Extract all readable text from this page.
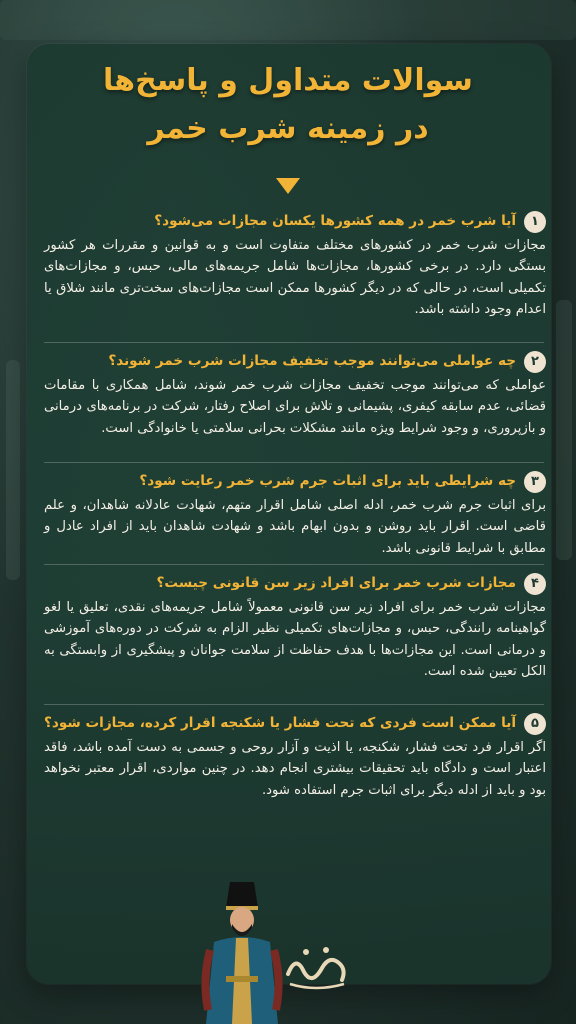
سوالات متداول و پاسخ‌ها
در زمینه شرب خمر
۱
آیا شرب خمر در همه کشورها یکسان مجازات می‌شود؟
مجازات شرب خمر در کشورهای مختلف متفاوت است و به قوانین و مقررات هر کشور بستگی دارد. در برخی کشورها، مجازات‌ها شامل جریمه‌های مالی، حبس، و مجازات‌های تکمیلی است، در حالی که در دیگر کشورها ممکن است مجازات‌های سخت‌تری مانند شلاق یا اعدام وجود داشته باشد.
۲
چه عواملی می‌توانند موجب تخفیف مجازات شرب خمر شوند؟
عواملی که می‌توانند موجب تخفیف مجازات شرب خمر شوند، شامل همکاری با مقامات قضائی، عدم سابقه کیفری، پشیمانی و تلاش برای اصلاح رفتار، شرکت در برنامه‌های درمانی و بازپروری، و وجود شرایط ویژه مانند مشکلات بحرانی سلامتی یا خانوادگی است.
۳
چه شرایطی باید برای اثبات جرم شرب خمر رعایت شود؟
برای اثبات جرم شرب خمر، ادله اصلی شامل اقرار متهم، شهادت عادلانه شاهدان، و علم قاضی است. اقرار باید روشن و بدون ابهام باشد و شهادت شاهدان باید از افراد عادل و مطابق با شرایط قانونی باشد.
۴
مجازات شرب خمر برای افراد زیر سن قانونی چیست؟
مجازات شرب خمر برای افراد زیر سن قانونی معمولاً شامل جریمه‌های نقدی، تعلیق یا لغو گواهینامه رانندگی، حبس، و مجازات‌های تکمیلی نظیر الزام به شرکت در دوره‌های آموزشی و درمانی است. این مجازات‌ها با هدف حفاظت از سلامت جوانان و پیشگیری از وابستگی به الکل تعیین شده است.
۵
آیا ممکن است فردی که تحت فشار یا شکنجه اقرار کرده، مجازات شود؟
اگر اقرار فرد تحت فشار، شکنجه، یا اذیت و آزار روحی و جسمی به دست آمده باشد، فاقد اعتبار است و دادگاه باید تحقیقات بیشتری انجام دهد. در چنین مواردی، اقرار معتبر نخواهد بود و باید از ادله دیگر برای اثبات جرم استفاده شود.
